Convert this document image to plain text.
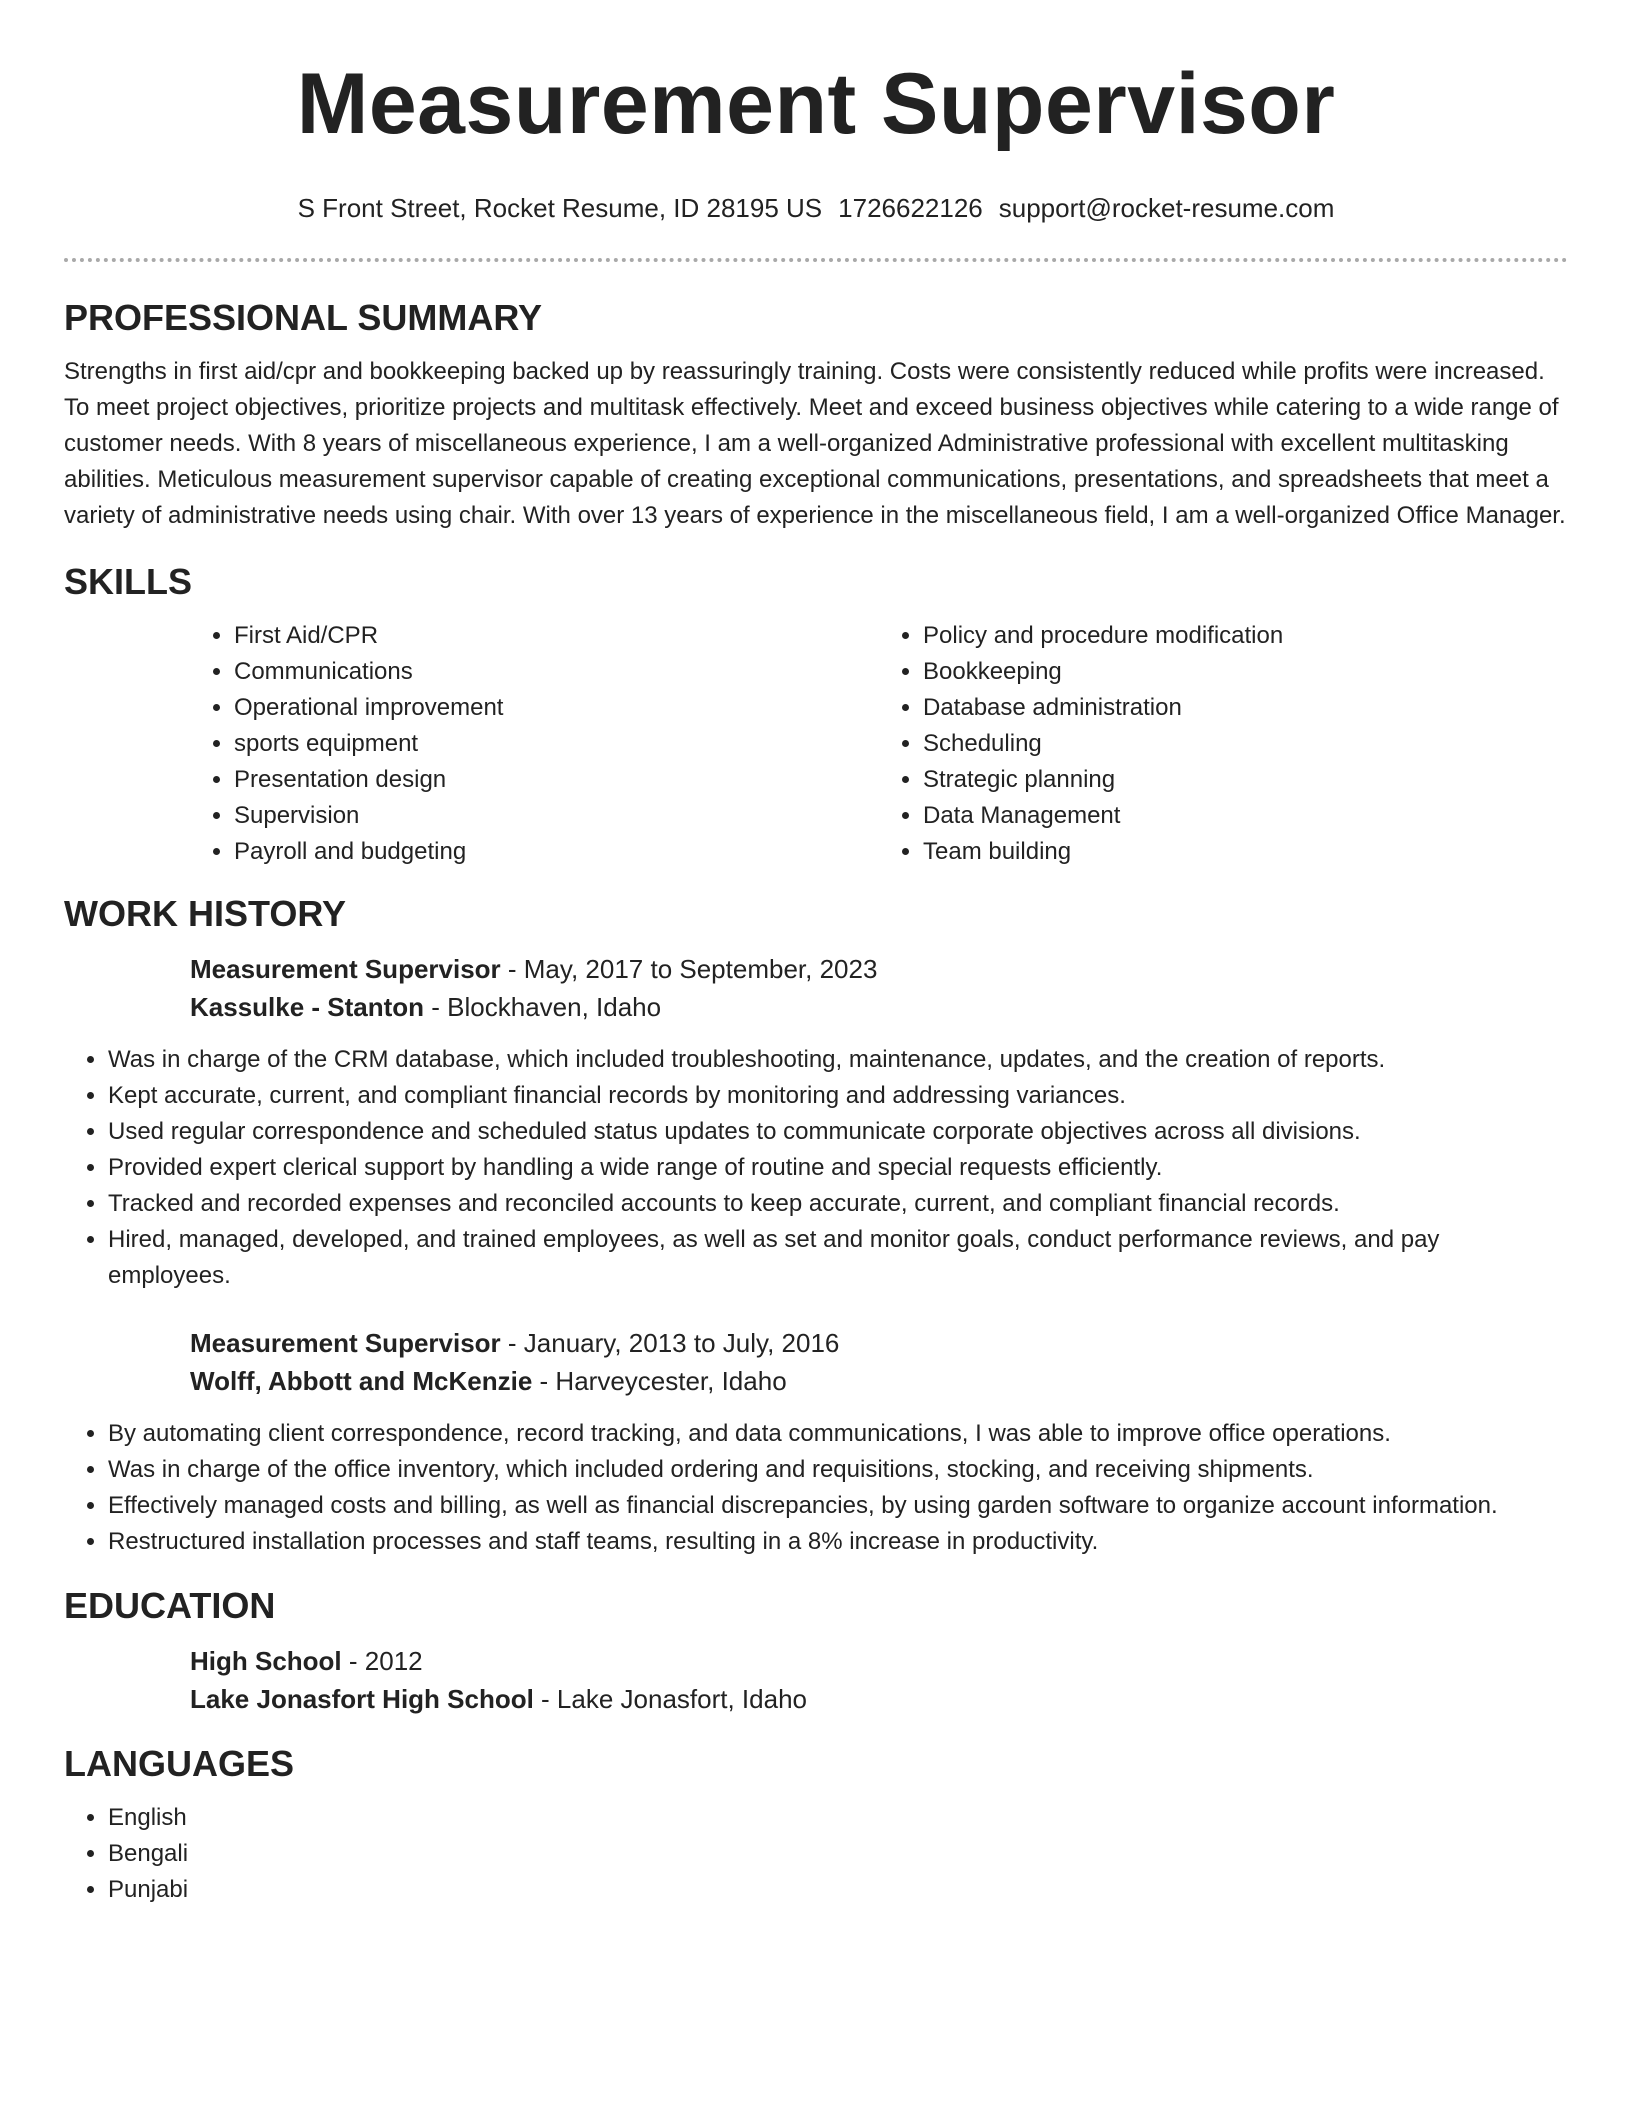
Measurement Supervisor
S Front Street, Rocket Resume, ID 28195 US 1726622126 support@rocket-resume.com
PROFESSIONAL SUMMARY

Strengths in first aid/cpr and bookkeeping backed up by reassuringly training. Costs were consistently reduced while profits were increased. To meet project objectives, prioritize projects and multitask effectively. Meet and exceed business objectives while catering to a wide range of customer needs. With 8 years of miscellaneous experience, I am a well-organized Administrative professional with excellent multitasking abilities. Meticulous measurement supervisor capable of creating exceptional communications, presentations, and spreadsheets that meet a variety of administrative needs using chair. With over 13 years of experience in the miscellaneous field, I am a well-organized Office Manager.

SKILLS
• First Aid/CPR
• Communications
• Operational improvement
• sports equipment
• Presentation design
• Supervision
• Payroll and budgeting
• Policy and procedure modification
• Bookkeeping
• Database administration
• Scheduling
• Strategic planning
• Data Management
• Team building
WORK HISTORY

Measurement Supervisor - May, 2017 to September, 2023

Kassulke - Stanton - Blockhaven, Idaho

• Was in charge of the CRM database, which included troubleshooting, maintenance, updates, and the creation of reports.
• Kept accurate, current, and compliant financial records by monitoring and addressing variances.
• Used regular correspondence and scheduled status updates to communicate corporate objectives across all divisions.
• Provided expert clerical support by handling a wide range of routine and special requests efficiently.
• Tracked and recorded expenses and reconciled accounts to keep accurate, current, and compliant financial records.
• Hired, managed, developed, and trained employees, as well as set and monitor goals, conduct performance reviews, and pay employees.

Measurement Supervisor - January, 2013 to July, 2016

Wolff, Abbott and McKenzie - Harveycester, Idaho

• By automating client correspondence, record tracking, and data communications, I was able to improve office operations.
• Was in charge of the office inventory, which included ordering and requisitions, stocking, and receiving shipments.
• Effectively managed costs and billing, as well as financial discrepancies, by using garden software to organize account information.
• Restructured installation processes and staff teams, resulting in a 8% increase in productivity.
EDUCATION

High School - 2012

Lake Jonasfort High School - Lake Jonasfort, Idaho

LANGUAGES
• English
• Bengali
• Punjabi
